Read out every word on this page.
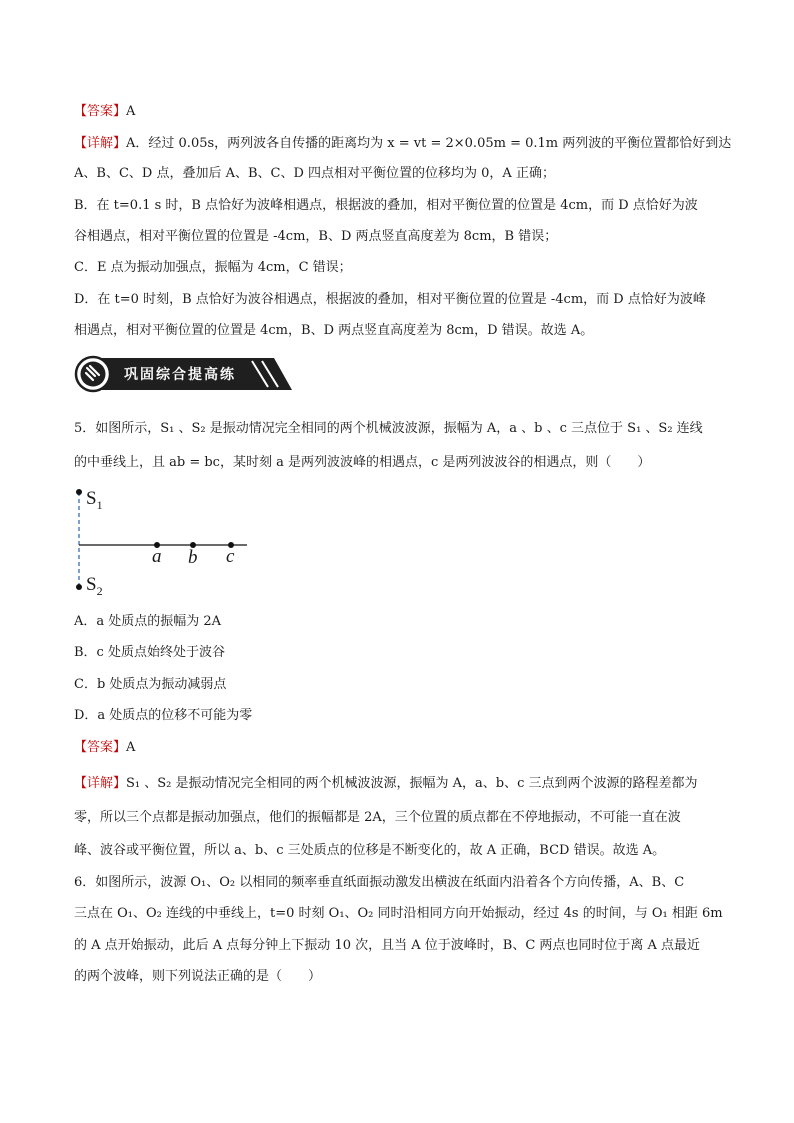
【答案】A
【详解】A．经过 0.05s，两列波各自传播的距离均为 x = vt = 2×0.05m = 0.1m 两列波的平衡位置都恰好到达
A、B、C、D 点，叠加后 A、B、C、D 四点相对平衡位置的位移均为 0，A 正确；
B．在 t=0.1 s 时，B 点恰好为波峰相遇点，根据波的叠加，相对平衡位置的位置是 4cm，而 D 点恰好为波
谷相遇点，相对平衡位置的位置是 -4cm，B、D 两点竖直高度差为 8cm，B 错误；
C．E 点为振动加强点，振幅为 4cm，C 错误；
D．在 t=0 时刻，B 点恰好为波谷相遇点，根据波的叠加，相对平衡位置的位置是 -4cm，而 D 点恰好为波峰
相遇点，相对平衡位置的位置是 4cm，B、D 两点竖直高度差为 8cm，D 错误。故选 A。
巩固综合提高练
5．如图所示，S₁ 、S₂ 是振动情况完全相同的两个机械波波源，振幅为 A，a 、b 、c 三点位于 S₁ 、S₂ 连线
的中垂线上，且 ab = bc，某时刻 a 是两列波波峰的相遇点，c 是两列波波谷的相遇点，则（　　）
$S_1$
$S_2$
a b c
A．a 处质点的振幅为 2A
B．c 处质点始终处于波谷
C．b 处质点为振动减弱点
D．a 处质点的位移不可能为零
【答案】A
【详解】S₁ 、S₂ 是振动情况完全相同的两个机械波波源，振幅为 A，a、b、c 三点到两个波源的路程差都为
零，所以三个点都是振动加强点，他们的振幅都是 2A，三个位置的质点都在不停地振动，不可能一直在波
峰、波谷或平衡位置，所以 a、b、c 三处质点的位移是不断变化的，故 A 正确，BCD 错误。故选 A。
6．如图所示，波源 O₁、O₂ 以相同的频率垂直纸面振动激发出横波在纸面内沿着各个方向传播，A、B、C
三点在 O₁、O₂ 连线的中垂线上，t=0 时刻 O₁、O₂ 同时沿相同方向开始振动，经过 4s 的时间，与 O₁ 相距 6m
的 A 点开始振动，此后 A 点每分钟上下振动 10 次，且当 A 位于波峰时，B、C 两点也同时位于离 A 点最近
的两个波峰，则下列说法正确的是（　　）
